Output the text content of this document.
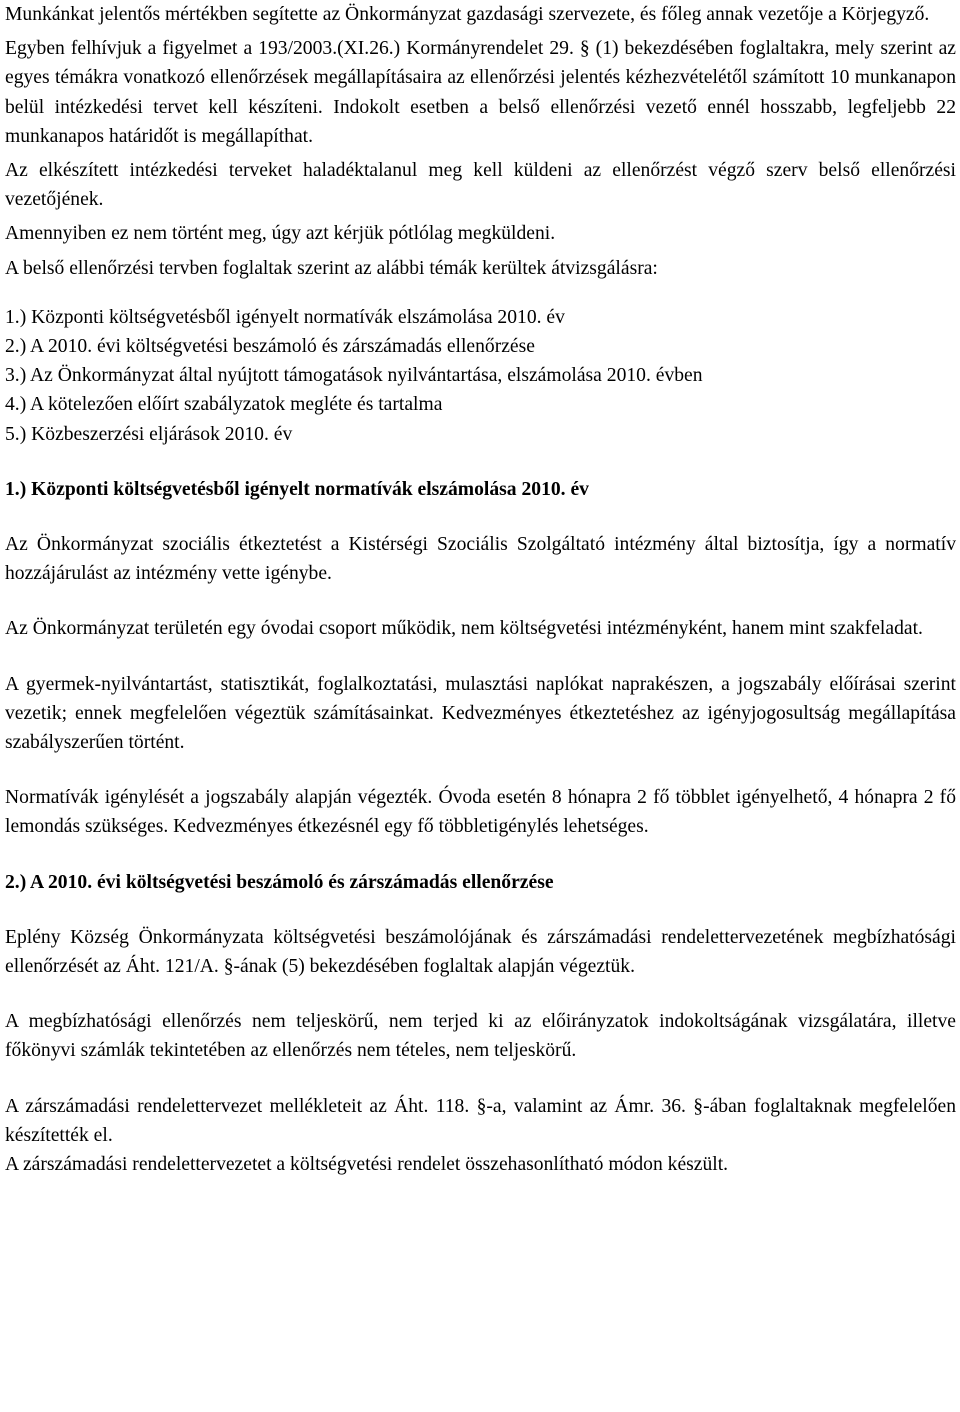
Munkánkat jelentős mértékben segítette az Önkormányzat gazdasági szervezete, és főleg annak vezetője a Körjegyző.

Egyben felhívjuk a figyelmet a 193/2003.(XI.26.) Kormányrendelet 29. § (1) bekezdésében foglaltakra, mely szerint az egyes témákra vonatkozó ellenőrzések megállapításaira az ellenőrzési jelentés kézhezvételétől számított 10 munkanapon belül intézkedési tervet kell készíteni. Indokolt esetben a belső ellenőrzési vezető ennél hosszabb, legfeljebb 22 munkanapos határidőt is megállapíthat.

Az elkészített intézkedési terveket haladéktalanul meg kell küldeni az ellenőrzést végző szerv belső ellenőrzési vezetőjének.

Amennyiben ez nem történt meg, úgy azt kérjük pótlólag megküldeni.

A belső ellenőrzési tervben foglaltak szerint az alábbi témák kerültek átvizsgálásra:

1.) Központi költségvetésből igényelt normatívák elszámolása 2010. év
2.) A 2010. évi költségvetési beszámoló és zárszámadás ellenőrzése
3.) Az Önkormányzat által nyújtott támogatások nyilvántartása, elszámolása 2010. évben
4.) A kötelezően előírt szabályzatok megléte és tartalma
5.) Közbeszerzési eljárások 2010. év

1.) Központi költségvetésből igényelt normatívák elszámolása 2010. év

Az Önkormányzat szociális étkeztetést a Kistérségi Szociális Szolgáltató intézmény által biztosítja, így a normatív hozzájárulást az intézmény vette igénybe.

Az Önkormányzat területén egy óvodai csoport működik, nem költségvetési intézményként, hanem mint szakfeladat.

A gyermek-nyilvántartást, statisztikát, foglalkoztatási, mulasztási naplókat naprakészen, a jogszabály előírásai szerint vezetik; ennek megfelelően végeztük számításainkat. Kedvezményes étkeztetéshez az igényjogosultság megállapítása szabályszerűen történt.

Normatívák igénylését a jogszabály alapján végezték. Óvoda esetén 8 hónapra 2 fő többlet igényelhető, 4 hónapra 2 fő lemondás szükséges. Kedvezményes étkezésnél egy fő többletigénylés lehetséges.

2.) A 2010. évi költségvetési beszámoló és zárszámadás ellenőrzése

Eplény Község Önkormányzata költségvetési beszámolójának és zárszámadási rendelettervezetének megbízhatósági ellenőrzését az Áht. 121/A. §-ának (5) bekezdésében foglaltak alapján végeztük.

A megbízhatósági ellenőrzés nem teljeskörű, nem terjed ki az előirányzatok indokoltságának vizsgálatára, illetve főkönyvi számlák tekintetében az ellenőrzés nem tételes, nem teljeskörű.

A zárszámadási rendelettervezet mellékleteit az Áht. 118. §-a, valamint az Ámr. 36. §-ában foglaltaknak megfelelően készítették el.

A zárszámadási rendelettervezetet a költségvetési rendelet összehasonlítható módon készült.
